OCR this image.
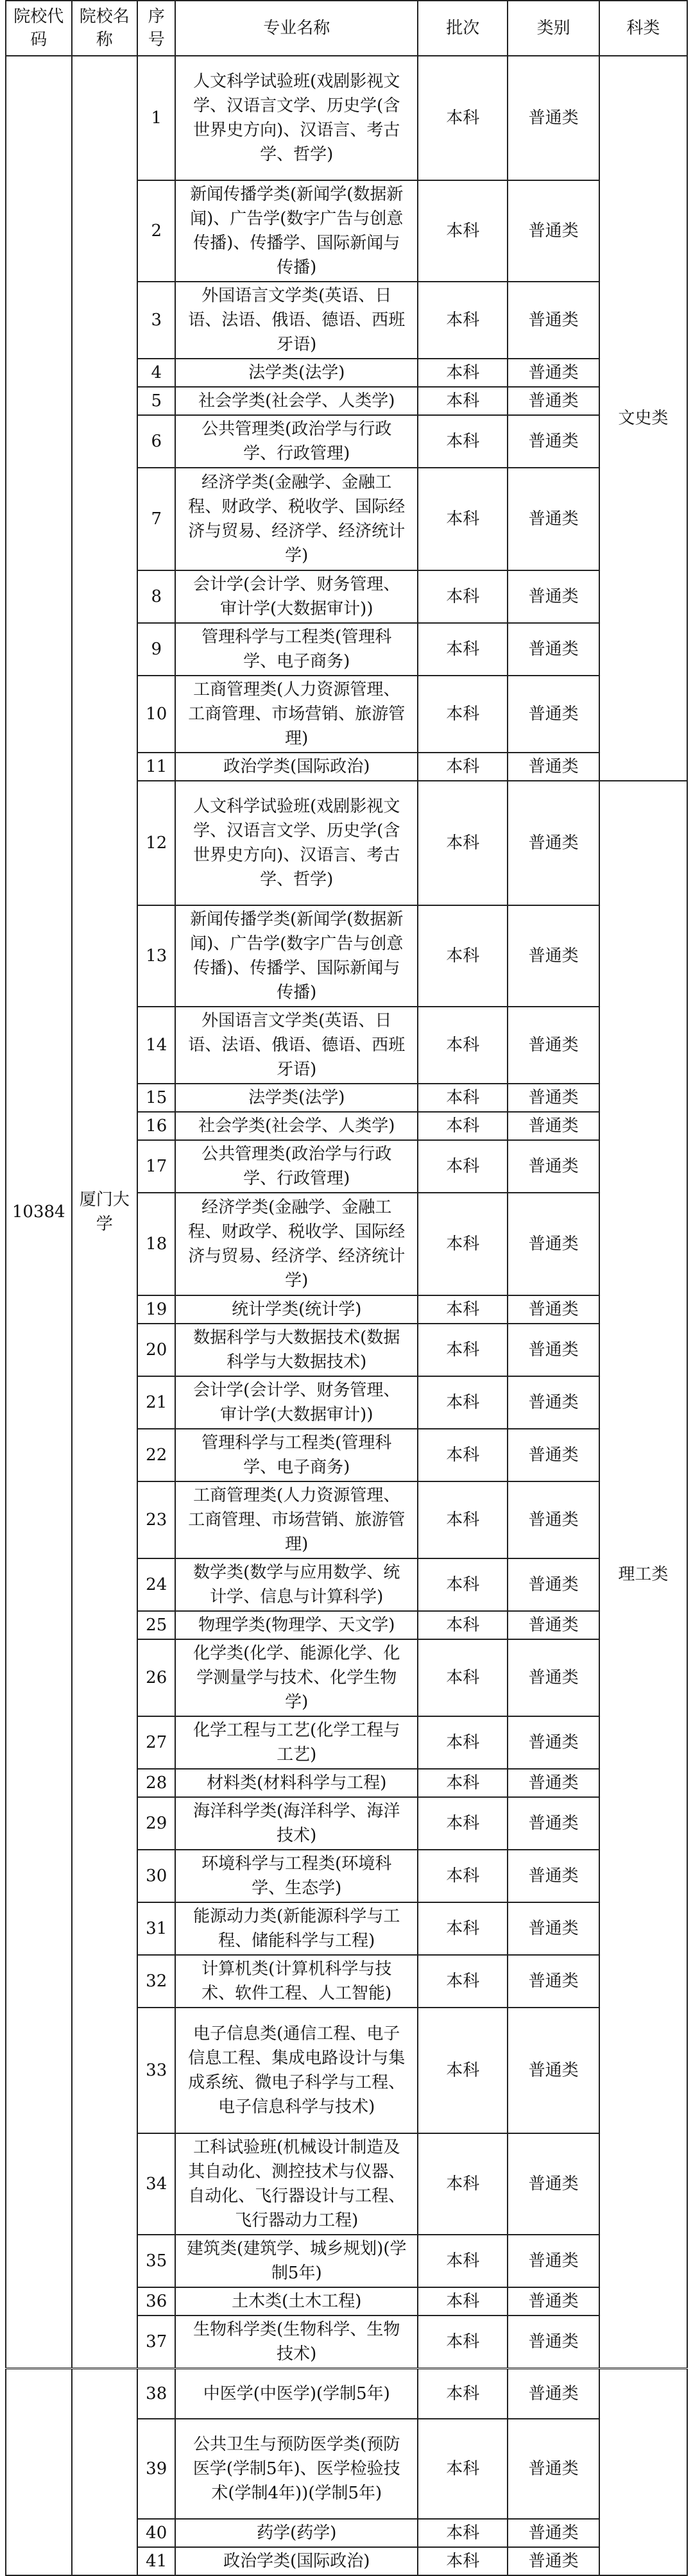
院校代码	院校名称	序号	专业名称	批次	类别	科类
10384	厦门大学	1	人文科学试验班(戏剧影视文学、汉语言文学、历史学(含世界史方向)、汉语言、考古学、哲学)	本科	普通类	文史类
		2	新闻传播学类(新闻学(数据新闻)、广告学(数字广告与创意传播)、传播学、国际新闻与传播)	本科	普通类	
		3	外国语言文学类(英语、日语、法语、俄语、德语、西班牙语)	本科	普通类	
		4	法学类(法学)	本科	普通类	
		5	社会学类(社会学、人类学)	本科	普通类	
		6	公共管理类(政治学与行政学、行政管理)	本科	普通类	
		7	经济学类(金融学、金融工程、财政学、税收学、国际经济与贸易、经济学、经济统计学)	本科	普通类	
		8	会计学(会计学、财务管理、审计学(大数据审计))	本科	普通类	
		9	管理科学与工程类(管理科学、电子商务)	本科	普通类	
		10	工商管理类(人力资源管理、工商管理、市场营销、旅游管理)	本科	普通类	
		11	政治学类(国际政治)	本科	普通类	
		12	人文科学试验班(戏剧影视文学、汉语言文学、历史学(含世界史方向)、汉语言、考古学、哲学)	本科	普通类	理工类
		13	新闻传播学类(新闻学(数据新闻)、广告学(数字广告与创意传播)、传播学、国际新闻与传播)	本科	普通类	
		14	外国语言文学类(英语、日语、法语、俄语、德语、西班牙语)	本科	普通类	
		15	法学类(法学)	本科	普通类	
		16	社会学类(社会学、人类学)	本科	普通类	
		17	公共管理类(政治学与行政学、行政管理)	本科	普通类	
		18	经济学类(金融学、金融工程、财政学、税收学、国际经济与贸易、经济学、经济统计学)	本科	普通类	
		19	统计学类(统计学)	本科	普通类	
		20	数据科学与大数据技术(数据科学与大数据技术)	本科	普通类	
		21	会计学(会计学、财务管理、审计学(大数据审计))	本科	普通类	
		22	管理科学与工程类(管理科学、电子商务)	本科	普通类	
		23	工商管理类(人力资源管理、工商管理、市场营销、旅游管理)	本科	普通类	
		24	数学类(数学与应用数学、统计学、信息与计算科学)	本科	普通类	
		25	物理学类(物理学、天文学)	本科	普通类	
		26	化学类(化学、能源化学、化学测量学与技术、化学生物学)	本科	普通类	
		27	化学工程与工艺(化学工程与工艺)	本科	普通类	
		28	材料类(材料科学与工程)	本科	普通类	
		29	海洋科学类(海洋科学、海洋技术)	本科	普通类	
		30	环境科学与工程类(环境科学、生态学)	本科	普通类	
		31	能源动力类(新能源科学与工程、储能科学与工程)	本科	普通类	
		32	计算机类(计算机科学与技术、软件工程、人工智能)	本科	普通类	
		33	电子信息类(通信工程、电子信息工程、集成电路设计与集成系统、微电子科学与工程、电子信息科学与技术)	本科	普通类	
		34	工科试验班(机械设计制造及其自动化、测控技术与仪器、自动化、飞行器设计与工程、飞行器动力工程)	本科	普通类	
		35	建筑类(建筑学、城乡规划)(学制5年)	本科	普通类	
		36	土木类(土木工程)	本科	普通类	
		37	生物科学类(生物科学、生物技术)	本科	普通类	
		38	中医学(中医学)(学制5年)	本科	普通类	
		39	公共卫生与预防医学类(预防医学(学制5年)、医学检验技术(学制4年))(学制5年)	本科	普通类	
		40	药学(药学)	本科	普通类	
		41	政治学类(国际政治)	本科	普通类	
